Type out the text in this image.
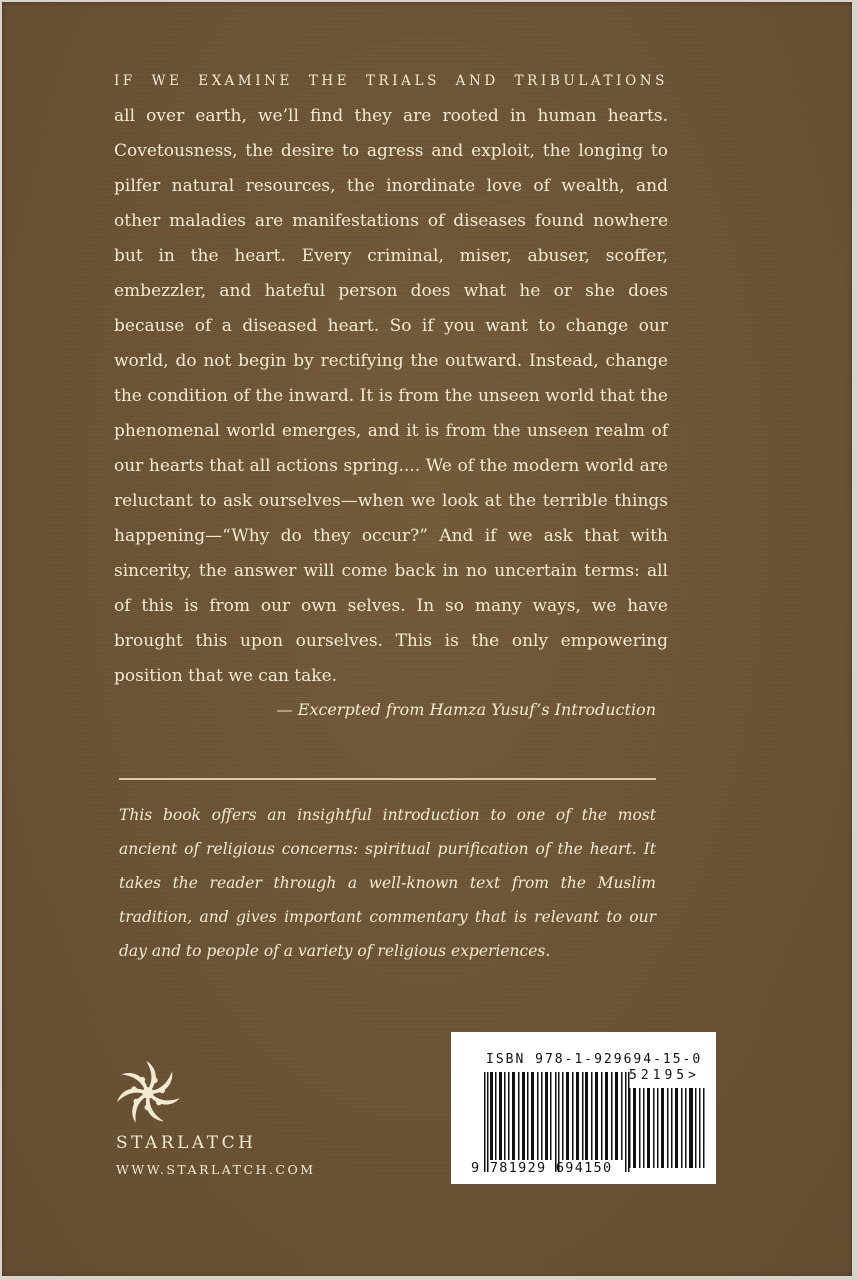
IF WE EXAMINE THE TRIALS AND TRIBULATIONS

all over earth, we’ll find they are rooted in human hearts. Covetousness, the desire to agress and exploit, the longing to pilfer natural resources, the inordinate love of wealth, and other maladies are manifestations of diseases found nowhere but in the heart. Every criminal, miser, abuser, scoffer, embezzler, and hateful person does what he or she does because of a diseased heart. So if you want to change our world, do not begin by rectifying the outward. Instead, change the condition of the inward. It is from the unseen world that the phenomenal world emerges, and it is from the unseen realm of our hearts that all actions spring.... We of the modern world are reluctant to ask ourselves—when we look at the terrible things happening—“Why do they occur?” And if we ask that with sincerity, the answer will come back in no uncertain terms: all of this is from our own selves. In so many ways, we have brought this upon ourselves. This is the only empowering position that we can take.

— Excerpted from Hamza Yusuf’s Introduction

This book offers an insightful introduction to one of the most ancient of religious concerns: spiritual purification of the heart. It takes the reader through a well-known text from the Muslim tradition, and gives important commentary that is relevant to our day and to people of a variety of religious experiences.

STARLATCH
WWW.STARLATCH.COM
ISBN 978-1-929694-15-0
52195>
9 781929 694150
